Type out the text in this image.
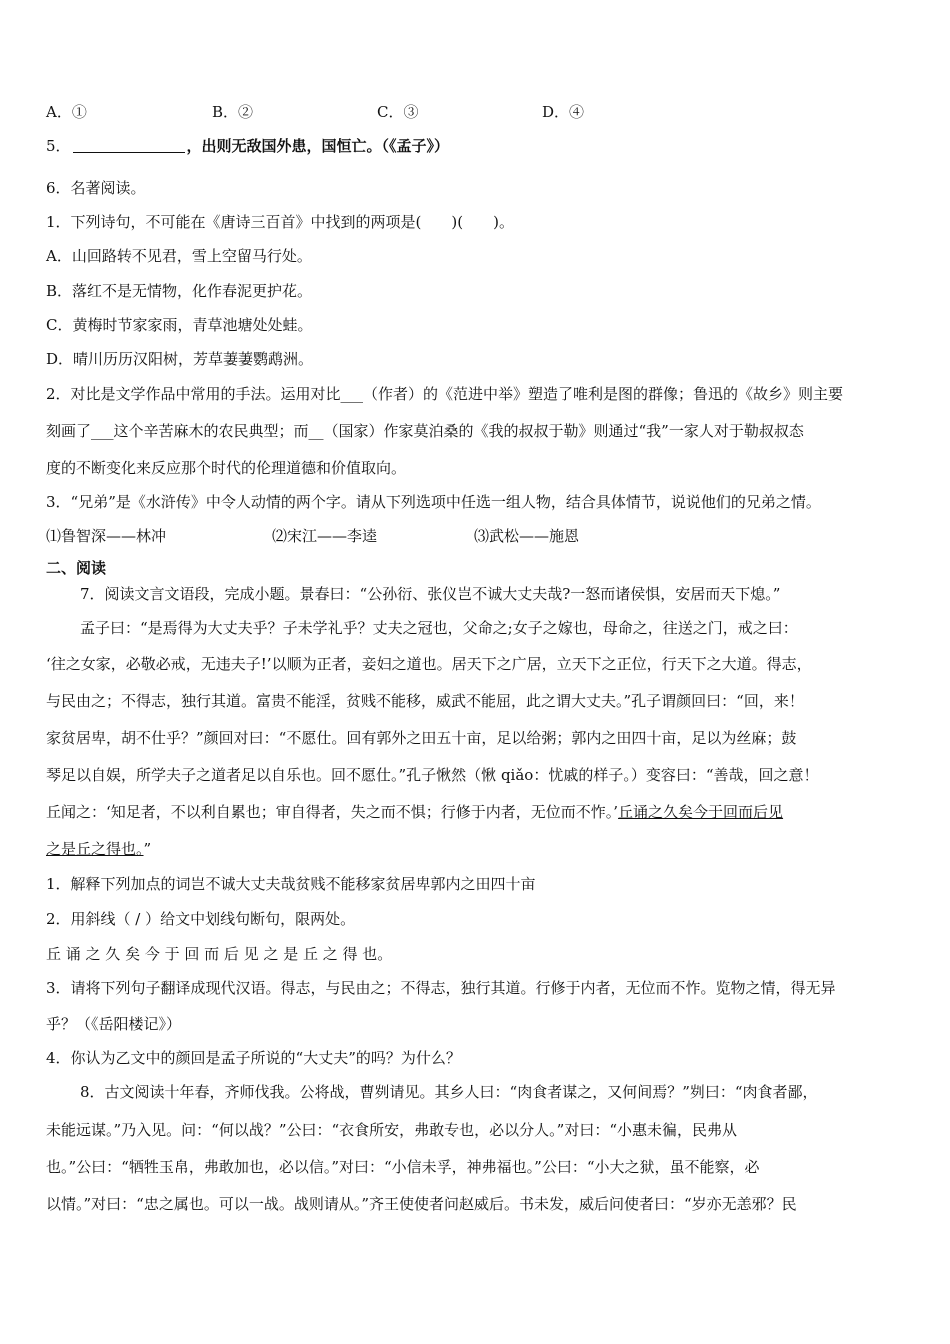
A．①	B．②	C．③	D．④
5．	，出则无敌国外患，国恒亡。（《孟子》）
6．名著阅读。
1．下列诗句，不可能在《唐诗三百首》中找到的两项是(　　)(　　)。
A．山回路转不见君，雪上空留马行处。
B．落红不是无情物，化作春泥更护花。
C．黄梅时节家家雨，青草池塘处处蛙。
D．晴川历历汉阳树，芳草萋萋鹦鹉洲。
2．对比是文学作品中常用的手法。运用对比___（作者）的《范进中举》塑造了唯利是图的群像；鲁迅的《故乡》则主要
刻画了___这个辛苦麻木的农民典型；而__（国家）作家莫泊桑的《我的叔叔于勒》则通过“我”一家人对于勒叔叔态
度的不断变化来反应那个时代的伦理道德和价值取向。
3．“兄弟”是《水浒传》中令人动情的两个字。请从下列选项中任选一组人物，结合具体情节，说说他们的兄弟之情。
⑴鲁智深——林冲	⑵宋江——李逵	⑶武松——施恩
二、阅读
7．阅读文言文语段，完成小题。景春曰：“公孙衍、张仪岂不诚大丈夫哉?一怒而诸侯惧，安居而天下熄。”
孟子曰：“是焉得为大丈夫乎？子未学礼乎？丈夫之冠也，父命之;女子之嫁也，母命之，往送之门，戒之曰：
‘往之女家，必敬必戒，无违夫子!’以顺为正者，妾妇之道也。居天下之广居，立天下之正位，行天下之大道。得志，
与民由之；不得志，独行其道。富贵不能淫，贫贱不能移，威武不能屈，此之谓大丈夫。”孔子谓颜回曰：“回，来！
家贫居卑，胡不仕乎？”颜回对曰：“不愿仕。回有郭外之田五十亩，足以给粥；郭内之田四十亩，足以为丝麻；鼓
琴足以自娱，所学夫子之道者足以自乐也。回不愿仕。”孔子愀然（愀 qiǎo：忧戚的样子。）变容曰：“善哉，回之意！
丘闻之：‘知足者，不以利自累也；审自得者，失之而不惧；行修于内者，无位而不怍。’丘诵之久矣今于回而后见
之是丘之得也。”
1．解释下列加点的词岂不诚大丈夫哉贫贱不能移家贫居卑郭内之田四十亩
2．用斜线（ / ）给文中划线句断句，限两处。
丘 诵 之 久 矣 今 于 回 而 后 见 之 是 丘 之 得 也。
3．请将下列句子翻译成现代汉语。得志，与民由之；不得志，独行其道。行修于内者，无位而不怍。览物之情，得无异
乎？（《岳阳楼记》）
4．你认为乙文中的颜回是孟子所说的“大丈夫”的吗？为什么？
8．古文阅读十年春，齐师伐我。公将战，曹刿请见。其乡人曰：“肉食者谋之，又何间焉？”刿曰：“肉食者鄙，
未能远谋。”乃入见。问：“何以战？”公曰：“衣食所安，弗敢专也，必以分人。”对曰：“小惠未徧，民弗从
也。”公曰：“牺牲玉帛，弗敢加也，必以信。”对曰：“小信未孚，神弗福也。”公曰：“小大之狱，虽不能察，必
以情。”对曰：“忠之属也。可以一战。战则请从。”齐王使使者问赵威后。书未发，威后问使者曰：“岁亦无恙邪？民
